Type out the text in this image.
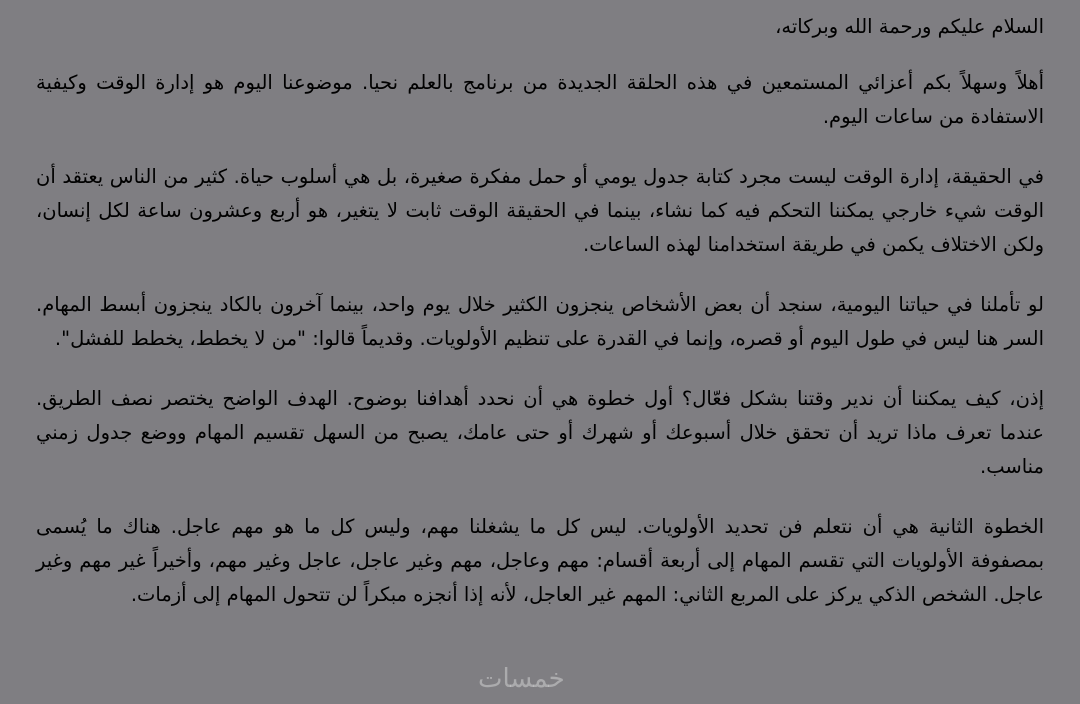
السلام عليكم ورحمة الله وبركاته،

أهلاً وسهلاً بكم أعزائي المستمعين في هذه الحلقة الجديدة من برنامج بالعلم نحيا. موضوعنا اليوم هو إدارة الوقت وكيفية الاستفادة من ساعات اليوم.

في الحقيقة، إدارة الوقت ليست مجرد كتابة جدول يومي أو حمل مفكرة صغيرة، بل هي أسلوب حياة. كثير من الناس يعتقد أن الوقت شيء خارجي يمكننا التحكم فيه كما نشاء، بينما في الحقيقة الوقت ثابت لا يتغير، هو أربع وعشرون ساعة لكل إنسان، ولكن الاختلاف يكمن في طريقة استخدامنا لهذه الساعات.

لو تأملنا في حياتنا اليومية، سنجد أن بعض الأشخاص ينجزون الكثير خلال يوم واحد، بينما آخرون بالكاد ينجزون أبسط المهام. السر هنا ليس في طول اليوم أو قصره، وإنما في القدرة على تنظيم الأولويات. وقديماً قالوا: "من لا يخطط، يخطط للفشل".

إذن، كيف يمكننا أن ندير وقتنا بشكل فعّال؟ أول خطوة هي أن نحدد أهدافنا بوضوح. الهدف الواضح يختصر نصف الطريق. عندما تعرف ماذا تريد أن تحقق خلال أسبوعك أو شهرك أو حتى عامك، يصبح من السهل تقسيم المهام ووضع جدول زمني مناسب.

الخطوة الثانية هي أن نتعلم فن تحديد الأولويات. ليس كل ما يشغلنا مهم، وليس كل ما هو مهم عاجل. هناك ما يُسمى بمصفوفة الأولويات التي تقسم المهام إلى أربعة أقسام: مهم وعاجل، مهم وغير عاجل، عاجل وغير مهم، وأخيراً غير مهم وغير عاجل. الشخص الذكي يركز على المربع الثاني: المهم غير العاجل، لأنه إذا أنجزه مبكراً لن تتحول المهام إلى أزمات.

خمسات
